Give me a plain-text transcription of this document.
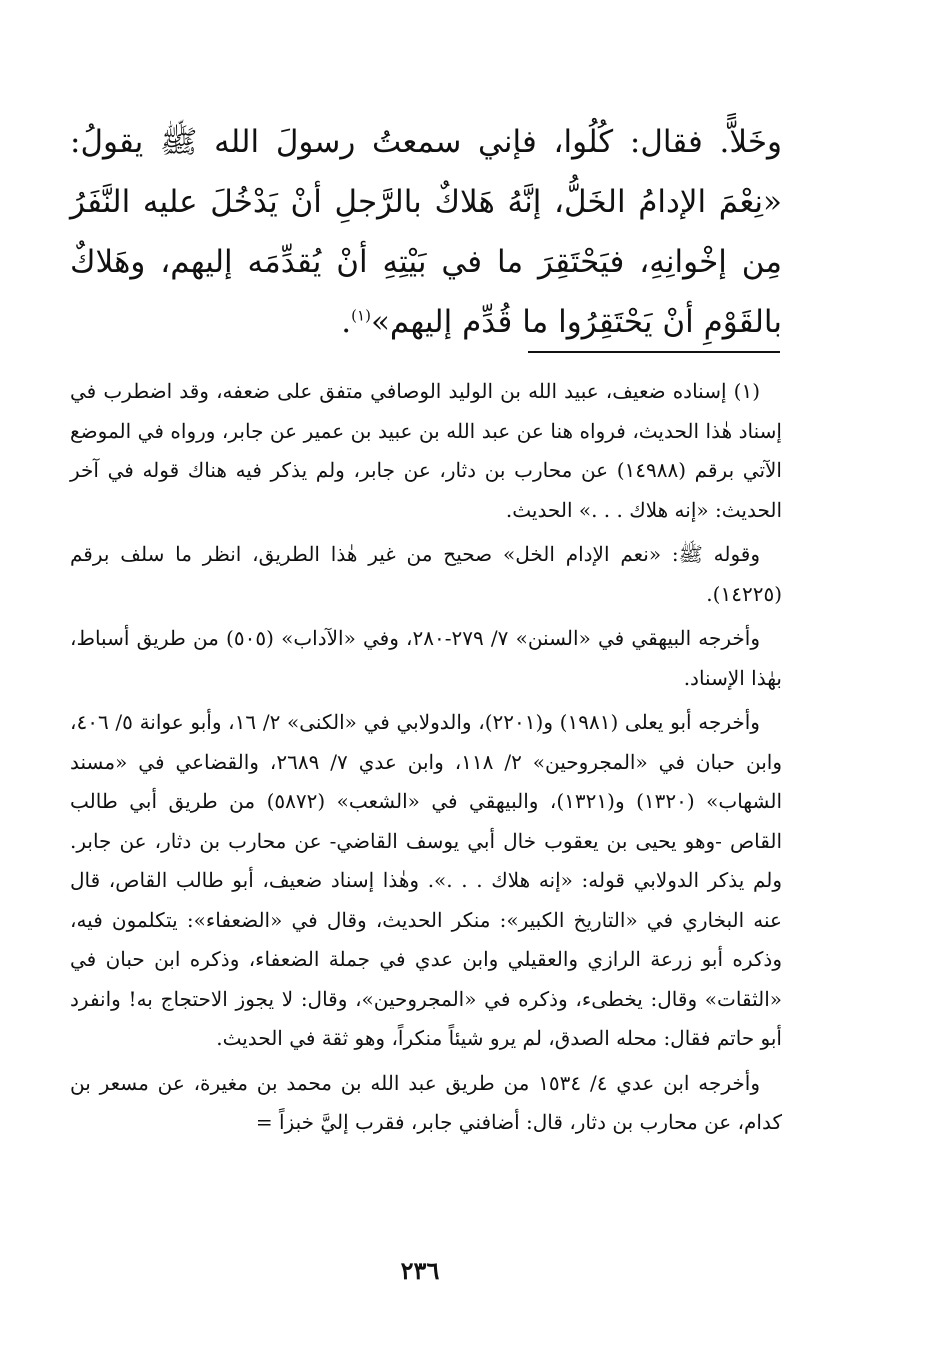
وخَلاًّ. فقال: كُلُوا، فإني سمعتُ رسولَ الله ﷺ يقولُ: «نِعْمَ الإدامُ الخَلُّ، إنَّهُ هَلاكٌ بالرَّجلِ أنْ يَدْخُلَ عليه النَّفَرُ مِن إخْوانِهِ، فيَحْتَقِرَ ما في بَيْتِهِ أنْ يُقدِّمَه إليهم، وهَلاكٌ بالقَوْمِ أنْ يَحْتَقِرُوا ما قُدِّم إليهم»$^{(١)}$.

(١) إسناده ضعيف، عبيد الله بن الوليد الوصافي متفق على ضعفه، وقد اضطرب في إسناد هٰذا الحديث، فرواه هنا عن عبد الله بن عبيد بن عمير عن جابر، ورواه في الموضع الآتي برقم (١٤٩٨٨) عن محارب بن دثار، عن جابر، ولم يذكر فيه هناك قوله في آخر الحديث: «إنه هلاك . . .» الحديث.

وقوله ﷺ: «نعم الإدام الخل» صحيح من غير هٰذا الطريق، انظر ما سلف برقم (١٤٢٢٥).

وأخرجه البيهقي في «السنن» ٧/ ٢٧٩-٢٨٠، وفي «الآداب» (٥٠٥) من طريق أسباط، بهٰذا الإسناد.

وأخرجه أبو يعلى (١٩٨١) و(٢٢٠١)، والدولابي في «الكنى» ٢/ ١٦، وأبو عوانة ٥/ ٤٠٦، وابن حبان في «المجروحين» ٢/ ١١٨، وابن عدي ٧/ ٢٦٨٩، والقضاعي في «مسند الشهاب» (١٣٢٠) و(١٣٢١)، والبيهقي في «الشعب» (٥٨٧٢) من طريق أبي طالب القاص -وهو يحيى بن يعقوب خال أبي يوسف القاضي- عن محارب بن دثار، عن جابر. ولم يذكر الدولابي قوله: «إنه هلاك . . .». وهٰذا إسناد ضعيف، أبو طالب القاص، قال عنه البخاري في «التاريخ الكبير»: منكر الحديث، وقال في «الضعفاء»: يتكلمون فيه، وذكره أبو زرعة الرازي والعقيلي وابن عدي في جملة الضعفاء، وذكره ابن حبان في «الثقات» وقال: يخطىء، وذكره في «المجروحين»، وقال: لا يجوز الاحتجاج به! وانفرد أبو حاتم فقال: محله الصدق، لم يرو شيئاً منكراً، وهو ثقة في الحديث.

وأخرجه ابن عدي ٤/ ١٥٣٤ من طريق عبد الله بن محمد بن مغيرة، عن مسعر بن كدام، عن محارب بن دثار، قال: أضافني جابر، فقرب إليَّ خبزاً =

٢٣٦
